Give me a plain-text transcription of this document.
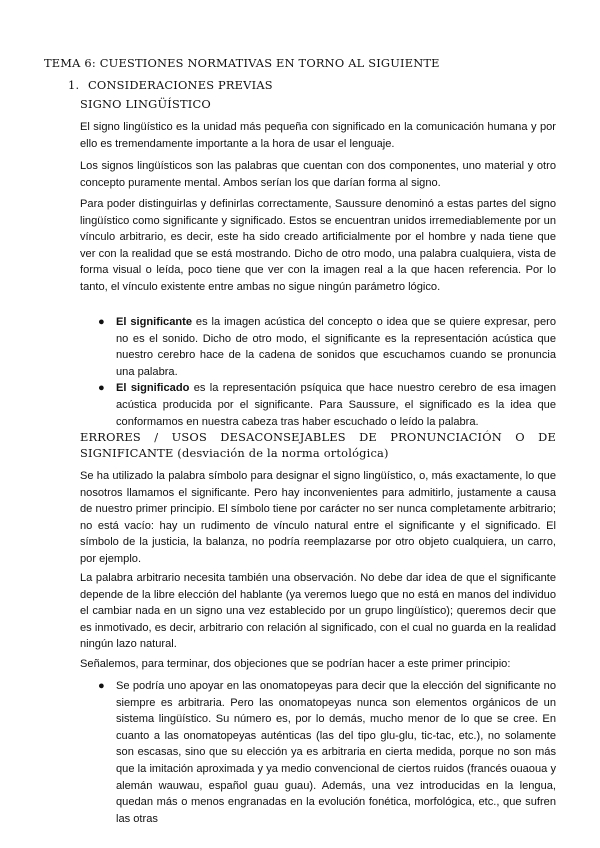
TEMA 6: CUESTIONES NORMATIVAS EN TORNO AL SIGUIENTE
1. CONSIDERACIONES PREVIAS
SIGNO LINGÜÍSTICO

El signo lingüístico es la unidad más pequeña con significado en la comunicación humana y por ello es tremendamente importante a la hora de usar el lenguaje.

Los signos lingüísticos son las palabras que cuentan con dos componentes, uno material y otro concepto puramente mental. Ambos serían los que darían forma al signo.

Para poder distinguirlas y definirlas correctamente, Saussure denominó a estas partes del signo lingüístico como significante y significado. Estos se encuentran unidos irremediablemente por un vínculo arbitrario, es decir, este ha sido creado artificialmente por el hombre y nada tiene que ver con la realidad que se está mostrando. Dicho de otro modo, una palabra cualquiera, vista de forma visual o leída, poco tiene que ver con la imagen real a la que hacen referencia. Por lo tanto, el vínculo existente entre ambas no sigue ningún parámetro lógico.

● El significante es la imagen acústica del concepto o idea que se quiere expresar, pero no es el sonido. Dicho de otro modo, el significante es la representación acústica que nuestro cerebro hace de la cadena de sonidos que escuchamos cuando se pronuncia una palabra.
● El significado es la representación psíquica que hace nuestro cerebro de esa imagen acústica producida por el significante. Para Saussure, el significado es la idea que conformamos en nuestra cabeza tras haber escuchado o leído la palabra.
ERRORES / USOS DESACONSEJABLES DE PRONUNCIACIÓN O DE SIGNIFICANTE (desviación de la norma ortológica)

Se ha utilizado la palabra símbolo para designar el signo lingüístico, o, más exactamente, lo que nosotros llamamos el significante. Pero hay inconvenientes para admitirlo, justamente a causa de nuestro primer principio. El símbolo tiene por carácter no ser nunca completamente arbitrario; no está vacío: hay un rudimento de vínculo natural entre el significante y el significado. El símbolo de la justicia, la balanza, no podría reemplazarse por otro objeto cualquiera, un carro, por ejemplo.

La palabra arbitrario necesita también una observación. No debe dar idea de que el significante depende de la libre elección del hablante (ya veremos luego que no está en manos del individuo el cambiar nada en un signo una vez establecido por un grupo lingüístico); queremos decir que es inmotivado, es decir, arbitrario con relación al significado, con el cual no guarda en la realidad ningún lazo natural.

Señalemos, para terminar, dos objeciones que se podrían hacer a este primer principio:

● Se podría uno apoyar en las onomatopeyas para decir que la elección del significante no siempre es arbitraria. Pero las onomatopeyas nunca son elementos orgánicos de un sistema lingüístico. Su número es, por lo demás, mucho menor de lo que se cree. En cuanto a las onomatopeyas auténticas (las del tipo glu-glu, tic-tac, etc.), no solamente son escasas, sino que su elección ya es arbitraria en cierta medida, porque no son más que la imitación aproximada y ya medio convencional de ciertos ruidos (francés ouaoua y alemán wauwau, español guau guau). Además, una vez introducidas en la lengua, quedan más o menos engranadas en la evolución fonética, morfológica, etc., que sufren las otras
